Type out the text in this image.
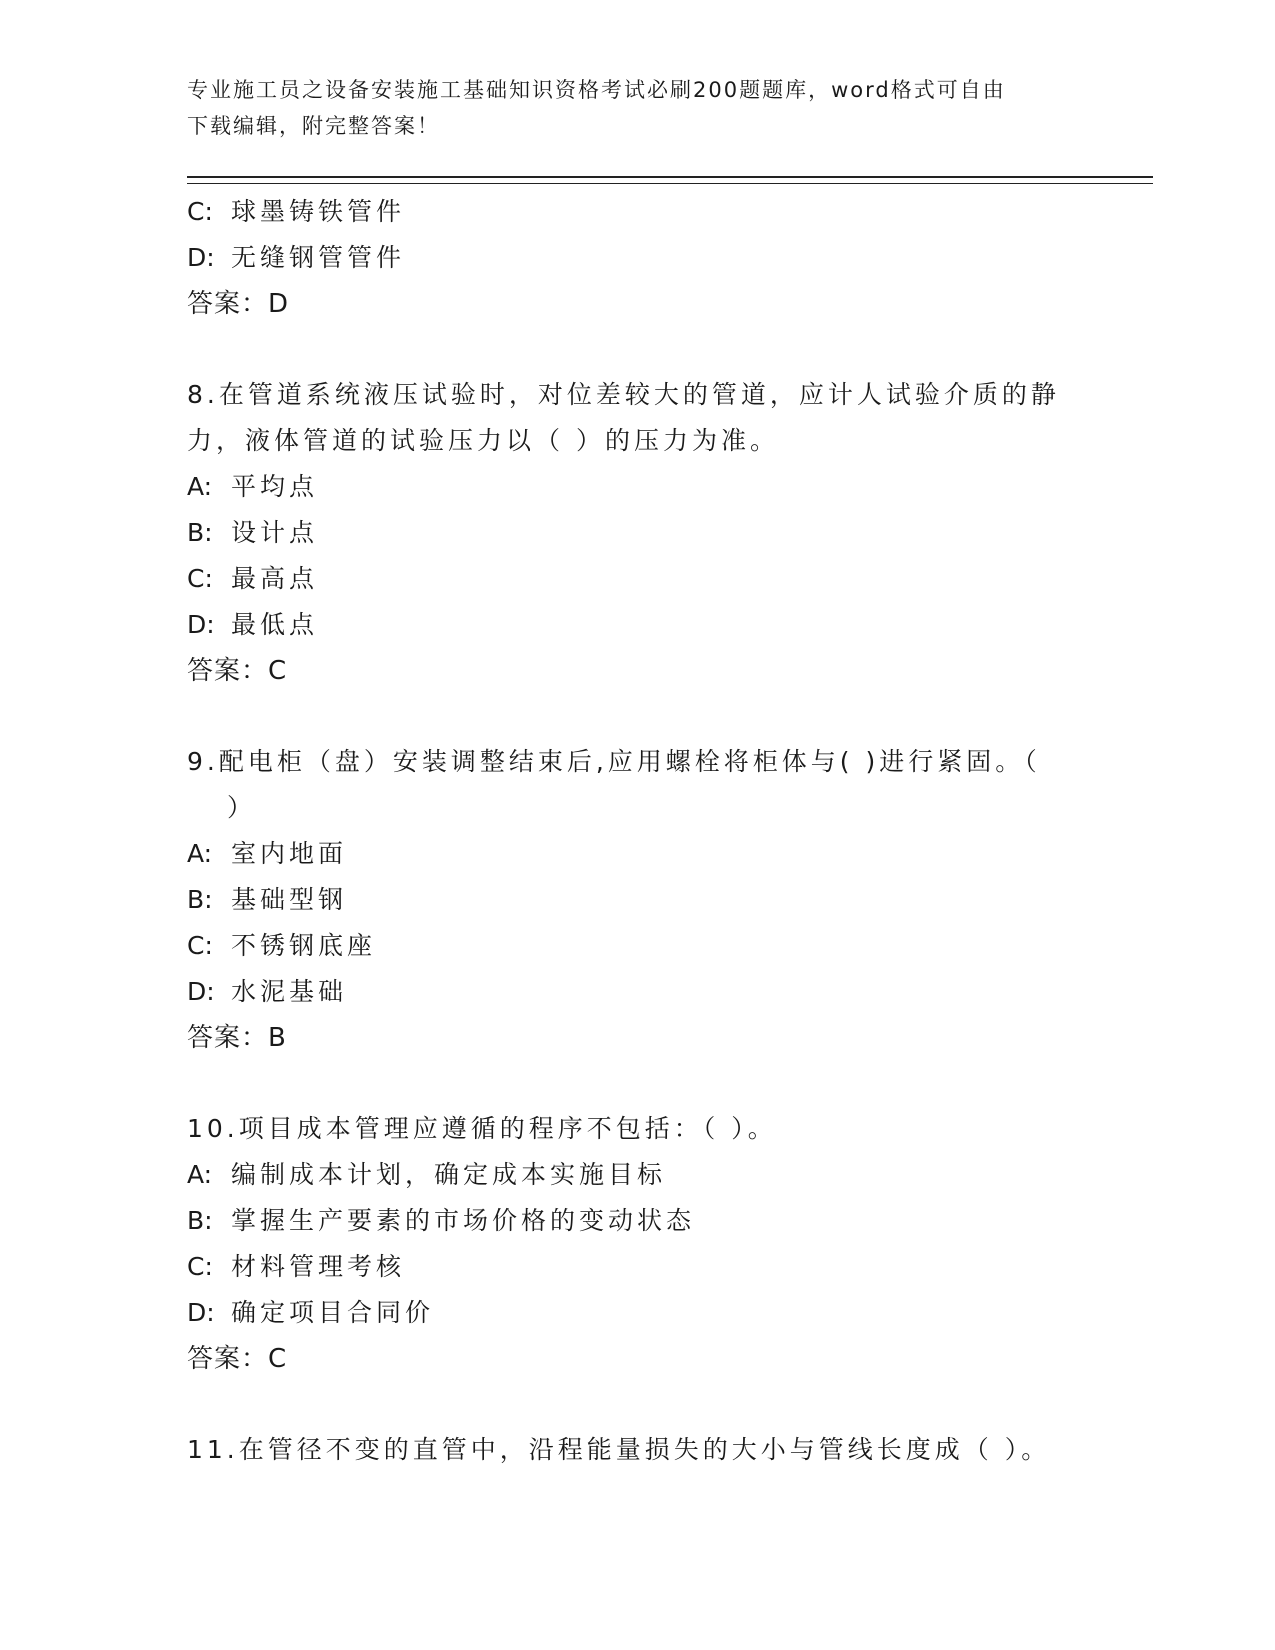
专业施工员之设备安装施工基础知识资格考试必刷200题题库，word格式可自由
下载编辑，附完整答案！
C: 球墨铸铁管件
D: 无缝钢管管件
答案：D
8.在管道系统液压试验时，对位差较大的管道，应计人试验介质的静
力，液体管道的试验压力以（ ）的压力为准。
A: 平均点
B: 设计点
C: 最高点
D: 最低点
答案：C
9.配电柜（盘）安装调整结束后,应用螺栓将柜体与( )进行紧固。（
）
A: 室内地面
B: 基础型钢
C: 不锈钢底座
D: 水泥基础
答案：B
10.项目成本管理应遵循的程序不包括：（ ）。
A: 编制成本计划，确定成本实施目标
B: 掌握生产要素的市场价格的变动状态
C: 材料管理考核
D: 确定项目合同价
答案：C
11.在管径不变的直管中，沿程能量损失的大小与管线长度成（ ）。
